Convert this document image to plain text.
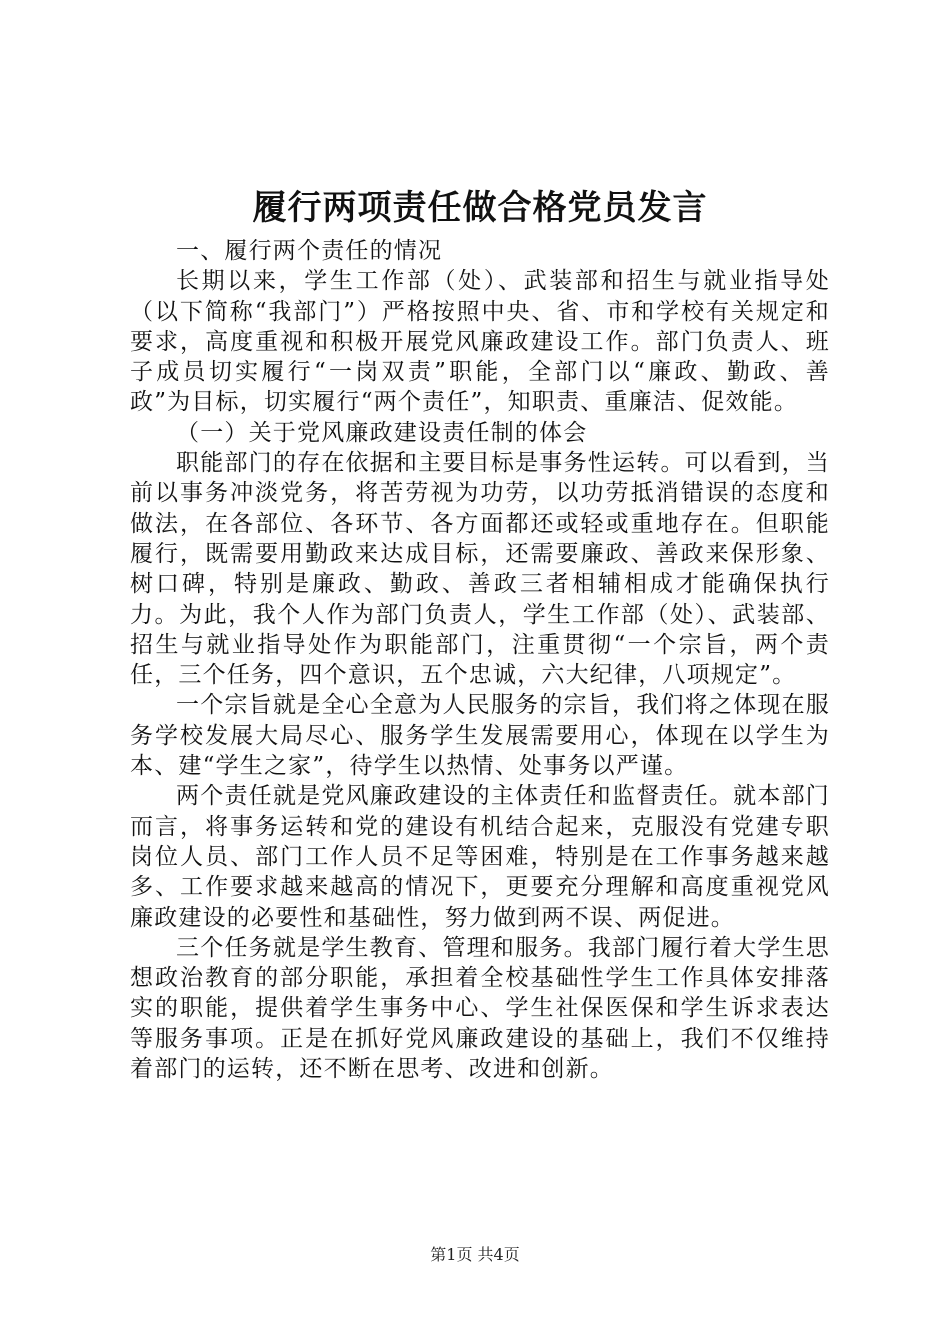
履行两项责任做合格党员发言

一、履行两个责任的情况

长期以来，学生工作部（处）、武装部和招生与就业指导处（以下简称“我部门”）严格按照中央、省、市和学校有关规定和要求，高度重视和积极开展党风廉政建设工作。部门负责人、班子成员切实履行“一岗双责”职能，全部门以“廉政、勤政、善政”为目标，切实履行“两个责任”，知职责、重廉洁、促效能。

（一）关于党风廉政建设责任制的体会

职能部门的存在依据和主要目标是事务性运转。可以看到，当前以事务冲淡党务，将苦劳视为功劳，以功劳抵消错误的态度和做法，在各部位、各环节、各方面都还或轻或重地存在。但职能履行，既需要用勤政来达成目标，还需要廉政、善政来保形象、树口碑，特别是廉政、勤政、善政三者相辅相成才能确保执行力。为此，我个人作为部门负责人，学生工作部（处）、武装部、招生与就业指导处作为职能部门，注重贯彻“一个宗旨，两个责任，三个任务，四个意识，五个忠诚，六大纪律，八项规定”。

一个宗旨就是全心全意为人民服务的宗旨，我们将之体现在服务学校发展大局尽心、服务学生发展需要用心，体现在以学生为本、建“学生之家”，待学生以热情、处事务以严谨。

两个责任就是党风廉政建设的主体责任和监督责任。就本部门而言，将事务运转和党的建设有机结合起来，克服没有党建专职岗位人员、部门工作人员不足等困难，特别是在工作事务越来越多、工作要求越来越高的情况下，更要充分理解和高度重视党风廉政建设的必要性和基础性，努力做到两不误、两促进。

三个任务就是学生教育、管理和服务。我部门履行着大学生思想政治教育的部分职能，承担着全校基础性学生工作具体安排落实的职能，提供着学生事务中心、学生社保医保和学生诉求表达等服务事项。正是在抓好党风廉政建设的基础上，我们不仅维持着部门的运转，还不断在思考、改进和创新。

第1页 共4页
